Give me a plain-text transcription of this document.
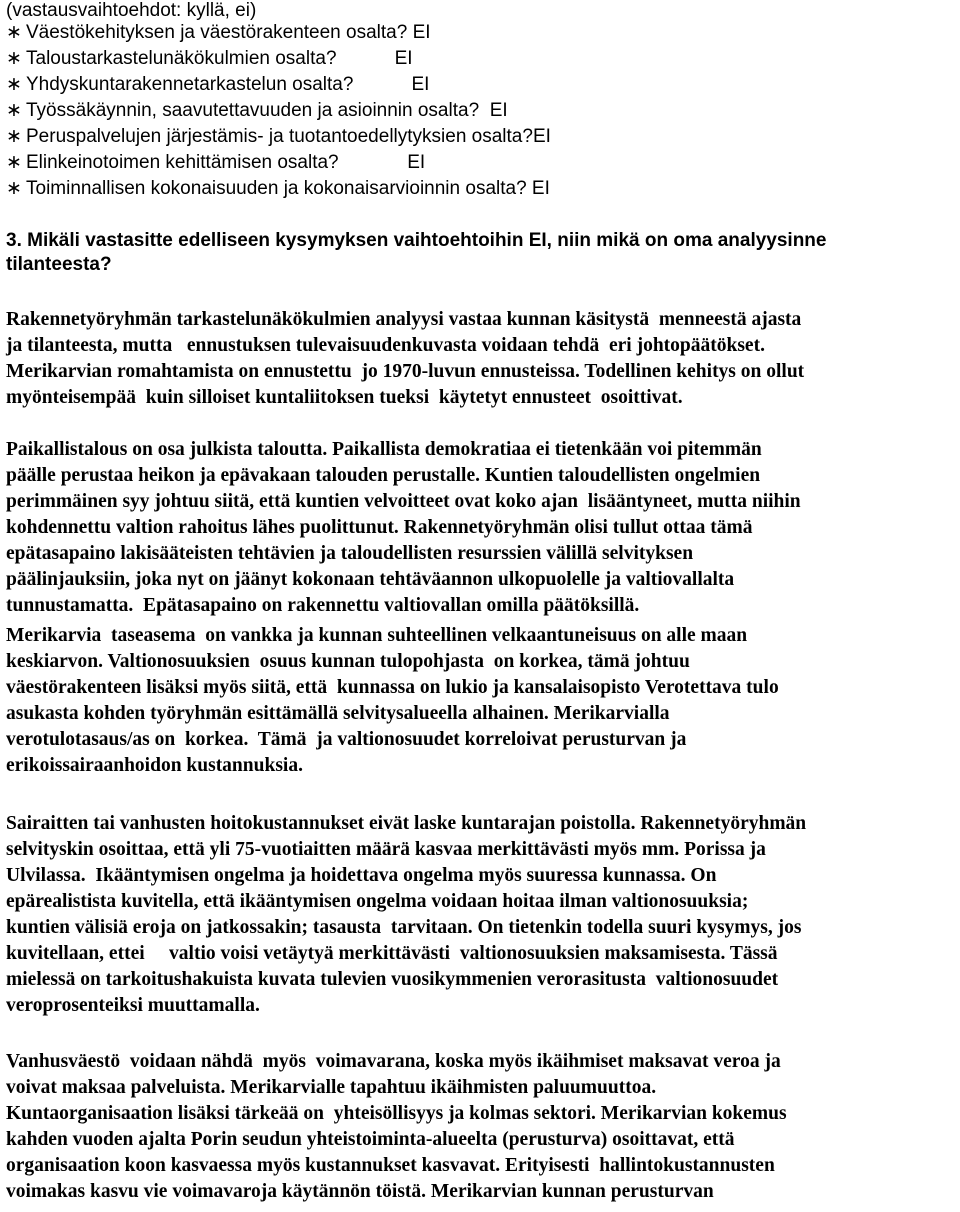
(vastausvaihtoehdot: kyllä, ei)
∗ Väestökehityksen ja väestörakenteen osalta? EI
∗ Taloustarkastelunäkökulmien osalta?           EI
∗ Yhdyskuntarakennetarkastelun osalta?           EI
∗ Työssäkäynnin, saavutettavuuden ja asioinnin osalta?  EI
∗ Peruspalvelujen järjestämis- ja tuotantoedellytyksien osalta?EI
∗ Elinkeinotoimen kehittämisen osalta?             EI
∗ Toiminnallisen kokonaisuuden ja kokonaisarvioinnin osalta? EI
3. Mikäli vastasitte edelliseen kysymyksen vaihtoehtoihin EI, niin mikä on oma analyysinne
tilanteesta?
Rakennetyöryhmän tarkastelunäkökulmien analyysi vastaa kunnan käsitystä  menneestä ajasta
ja tilanteesta, mutta   ennustuksen tulevaisuudenkuvasta voidaan tehdä  eri johtopäätökset.
Merikarvian romahtamista on ennustettu  jo 1970-luvun ennusteissa. Todellinen kehitys on ollut
myönteisempää  kuin silloiset kuntaliitoksen tueksi  käytetyt ennusteet  osoittivat.
Paikallistalous on osa julkista taloutta. Paikallista demokratiaa ei tietenkään voi pitemmän
päälle perustaa heikon ja epävakaan talouden perustalle. Kuntien taloudellisten ongelmien
perimmäinen syy johtuu siitä, että kuntien velvoitteet ovat koko ajan  lisääntyneet, mutta niihin
kohdennettu valtion rahoitus lähes puolittunut. Rakennetyöryhmän olisi tullut ottaa tämä
epätasapaino lakisääteisten tehtävien ja taloudellisten resurssien välillä selvityksen
päälinjauksiin, joka nyt on jäänyt kokonaan tehtäväannon ulkopuolelle ja valtiovallalta
tunnustamatta.  Epätasapaino on rakennettu valtiovallan omilla päätöksillä.
Merikarvia  taseasema  on vankka ja kunnan suhteellinen velkaantuneisuus on alle maan
keskiarvon. Valtionosuuksien  osuus kunnan tulopohjasta  on korkea, tämä johtuu
väestörakenteen lisäksi myös siitä, että  kunnassa on lukio ja kansalaisopisto Verotettava tulo
asukasta kohden työryhmän esittämällä selvitysalueella alhainen. Merikarvialla
verotulotasaus/as on  korkea.  Tämä  ja valtionosuudet korreloivat perusturvan ja
erikoissairaanhoidon kustannuksia.
Sairaitten tai vanhusten hoitokustannukset eivät laske kuntarajan poistolla. Rakennetyöryhmän
selvityskin osoittaa, että yli 75-vuotiaitten määrä kasvaa merkittävästi myös mm. Porissa ja
Ulvilassa.  Ikääntymisen ongelma ja hoidettava ongelma myös suuressa kunnassa. On
epärealistista kuvitella, että ikääntymisen ongelma voidaan hoitaa ilman valtionosuuksia;
kuntien välisiä eroja on jatkossakin; tasausta  tarvitaan. On tietenkin todella suuri kysymys, jos
kuvitellaan, ettei     valtio voisi vetäytyä merkittävästi  valtionosuuksien maksamisesta. Tässä
mielessä on tarkoitushakuista kuvata tulevien vuosikymmenien verorasitusta  valtionosuudet
veroprosenteiksi muuttamalla.
Vanhusväestö  voidaan nähdä  myös  voimavarana, koska myös ikäihmiset maksavat veroa ja
voivat maksaa palveluista. Merikarvialle tapahtuu ikäihmisten paluumuuttoa.
Kuntaorganisaation lisäksi tärkeää on  yhteisöllisyys ja kolmas sektori. Merikarvian kokemus
kahden vuoden ajalta Porin seudun yhteistoiminta-alueelta (perusturva) osoittavat, että
organisaation koon kasvaessa myös kustannukset kasvavat. Erityisesti  hallintokustannusten
voimakas kasvu vie voimavaroja käytännön töistä. Merikarvian kunnan perusturvan
